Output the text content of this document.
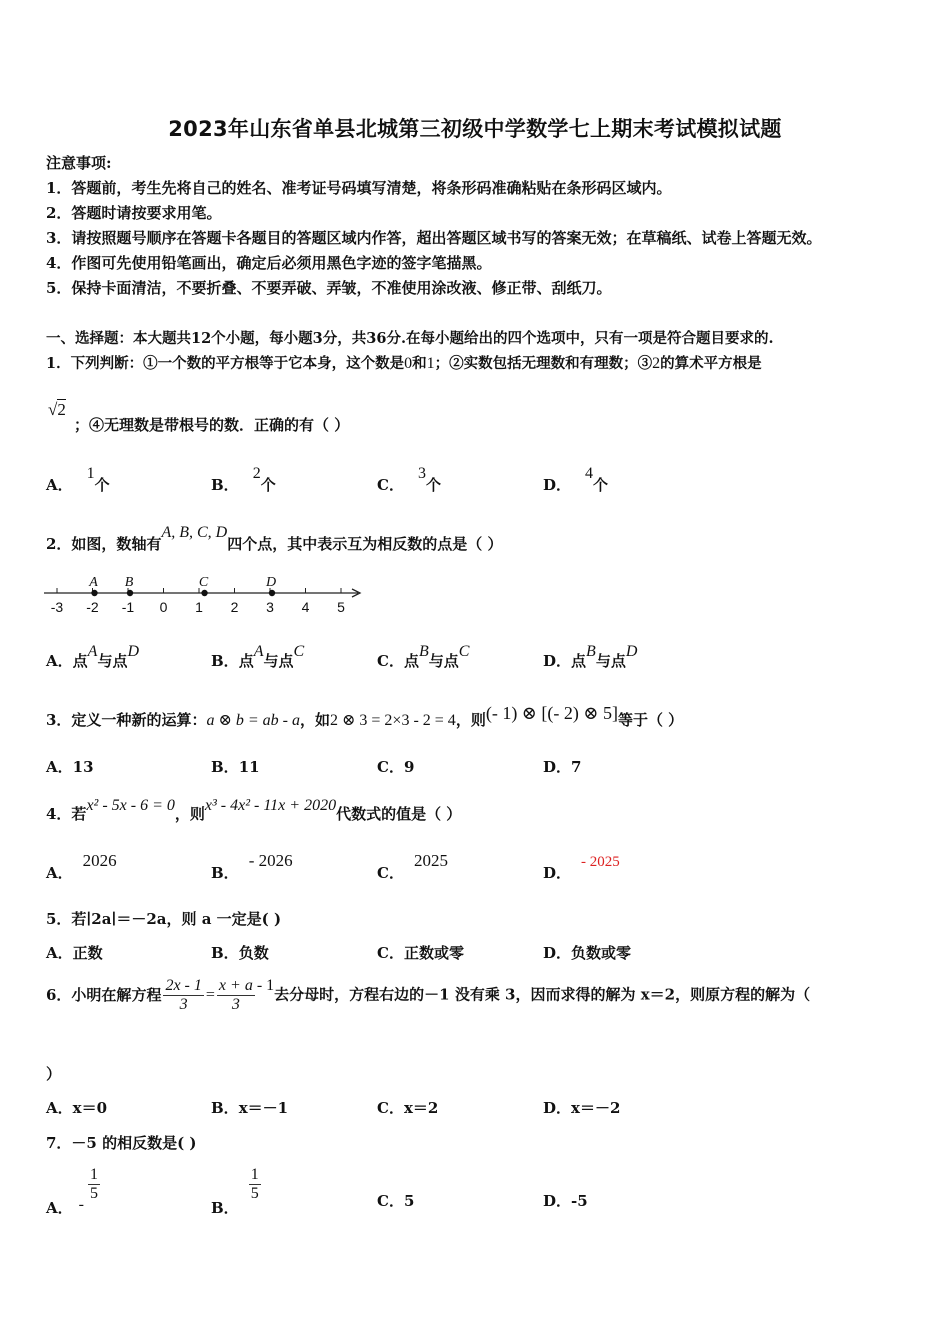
2023年山东省单县北城第三初级中学数学七上期末考试模拟试题
注意事项:
1．答题前，考生先将自己的姓名、准考证号码填写清楚，将条形码准确粘贴在条形码区域内。
2．答题时请按要求用笔。
3．请按照题号顺序在答题卡各题目的答题区域内作答，超出答题区域书写的答案无效；在草稿纸、试卷上答题无效。
4．作图可先使用铅笔画出，确定后必须用黑色字迹的签字笔描黑。
5．保持卡面清洁，不要折叠、不要弄破、弄皱，不准使用涂改液、修正带、刮纸刀。
一、选择题：本大题共12个小题，每小题3分，共36分.在每小题给出的四个选项中，只有一项是符合题目要求的.
1．下列判断：①一个数的平方根等于它本身，这个数是0和1；②实数包括无理数和有理数；③2的算术平方根是
√2
；④无理数是带根号的数．正确的有（ ）
A．1个	B．2个	C．3个	D．4个
2．如图，数轴有A, B, C, D四个点，其中表示互为相反数的点是（ ）
-3 -2 -1 0 1 2 3 4 5
A B	C	D
A．点A与点D
B．点A与点C
C．点B与点C
D．点B与点D
3．定义一种新的运算：a ⊗ b = ab - a，如2 ⊗ 3 = 2×3 - 2 = 4，则(- 1) ⊗ [(- 2) ⊗ 5]等于（ ）
A．13	B．11	C．9	D．7
4．若x² - 5x - 6 = 0，则x³ - 4x² - 11x + 2020代数式的值是（ ）
A．2026
B．- 2026
C．2025
D．- 2025
5．若∣2a∣＝－2a，则 a 一定是( )
A．正数	B．负数	C．正数或零	D．负数或零
6．小明在解方程 $\frac{2x - 1}{3} = \frac{x + a}{3} - 1$去分母时，方程右边的－1 没有乘 3，因而求得的解为 x＝2，则原方程的解为（
）
A．x＝0	B．x＝－1	C．x＝2	D．x＝－2
7．－5 的相反数是( )
A． -
$\frac{1}{5}$
B．
$\frac{1}{5}$	C．5	D．-5
